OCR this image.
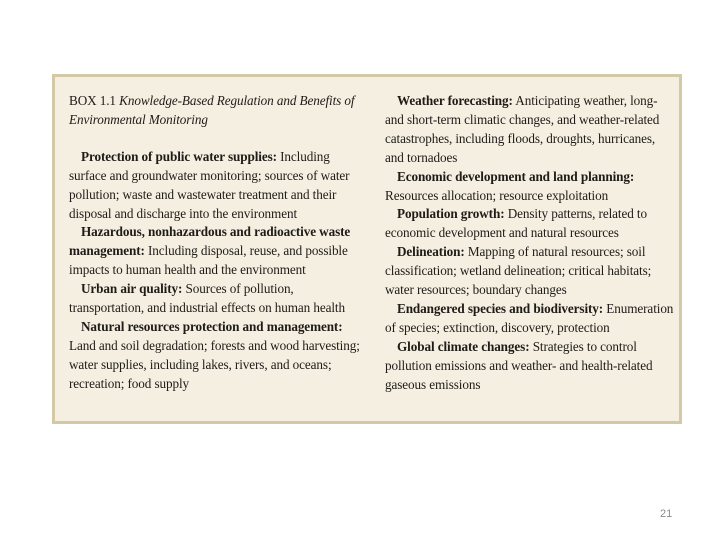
BOX 1.1 Knowledge-Based Regulation and Benefits of Environmental Monitoring

Protection of public water supplies: Including surface and groundwater monitoring; sources of water pollution; waste and wastewater treatment and their disposal and discharge into the environment

Hazardous, nonhazardous and radioactive waste management: Including disposal, reuse, and possible impacts to human health and the environment

Urban air quality: Sources of pollution, transportation, and industrial effects on human health

Natural resources protection and management: Land and soil degradation; forests and wood harvesting; water supplies, including lakes, rivers, and oceans; recreation; food supply

Weather forecasting: Anticipating weather, long- and short-term climatic changes, and weather-related catastrophes, including floods, droughts, hurricanes, and tornadoes

Economic development and land planning: Resources allocation; resource exploitation

Population growth: Density patterns, related to economic development and natural resources

Delineation: Mapping of natural resources; soil classification; wetland delineation; critical habitats; water resources; boundary changes

Endangered species and biodiversity: Enumeration of species; extinction, discovery, protection

Global climate changes: Strategies to control pollution emissions and weather- and health-related gaseous emissions

21
